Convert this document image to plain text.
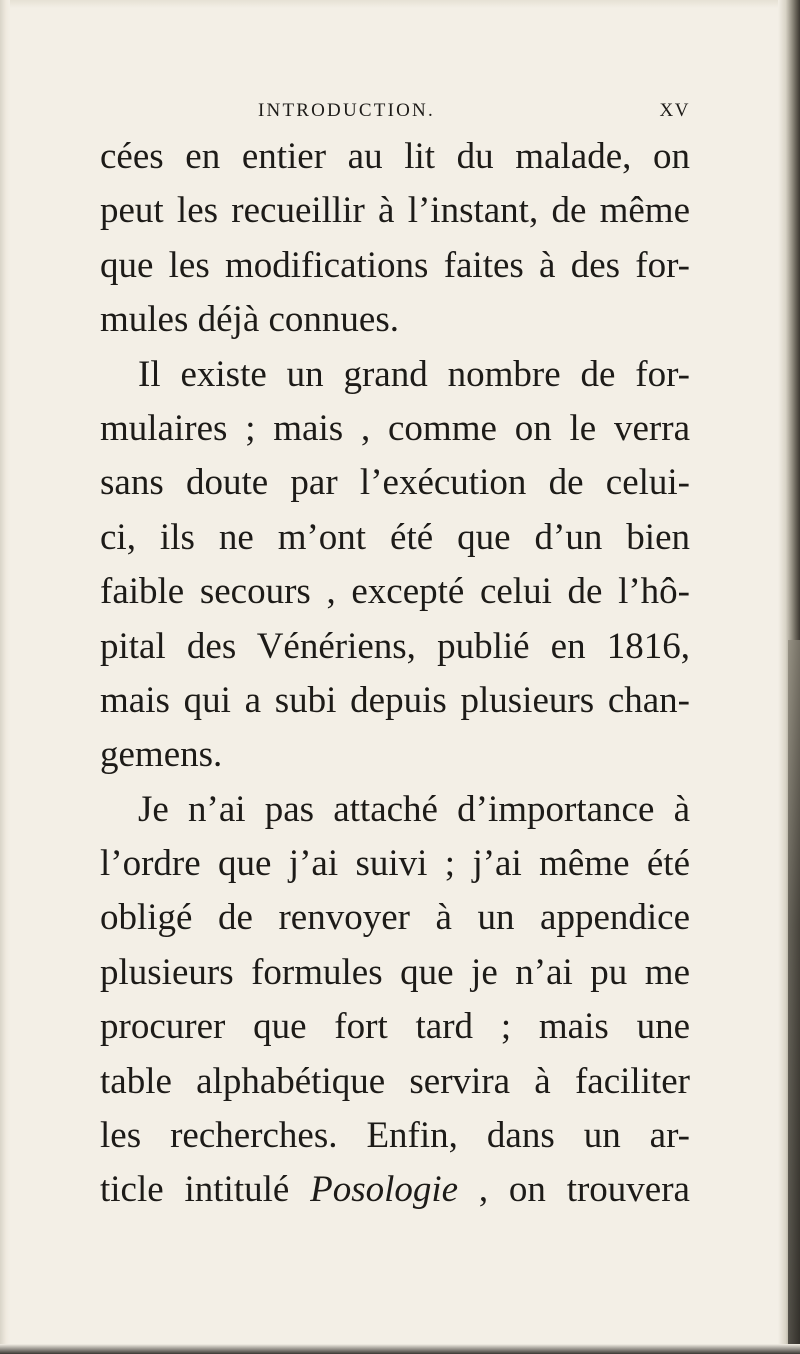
INTRODUCTION.	XV
cées en entier au lit du malade, on
peut les recueillir à l’instant, de même
que les modifications faites à des for-
mules déjà connues.
Il existe un grand nombre de for-
mulaires ; mais , comme on le verra
sans doute par l’exécution de celui-
ci, ils ne m’ont été que d’un bien
faible secours , excepté celui de l’hô-
pital des Vénériens, publié en 1816,
mais qui a subi depuis plusieurs chan-
gemens.
Je n’ai pas attaché d’importance à
l’ordre que j’ai suivi ; j’ai même été
obligé de renvoyer à un appendice
plusieurs formules que je n’ai pu me
procurer que fort tard ; mais une
table alphabétique servira à faciliter
les recherches. Enfin, dans un ar-
ticle intitulé Posologie , on trouvera
